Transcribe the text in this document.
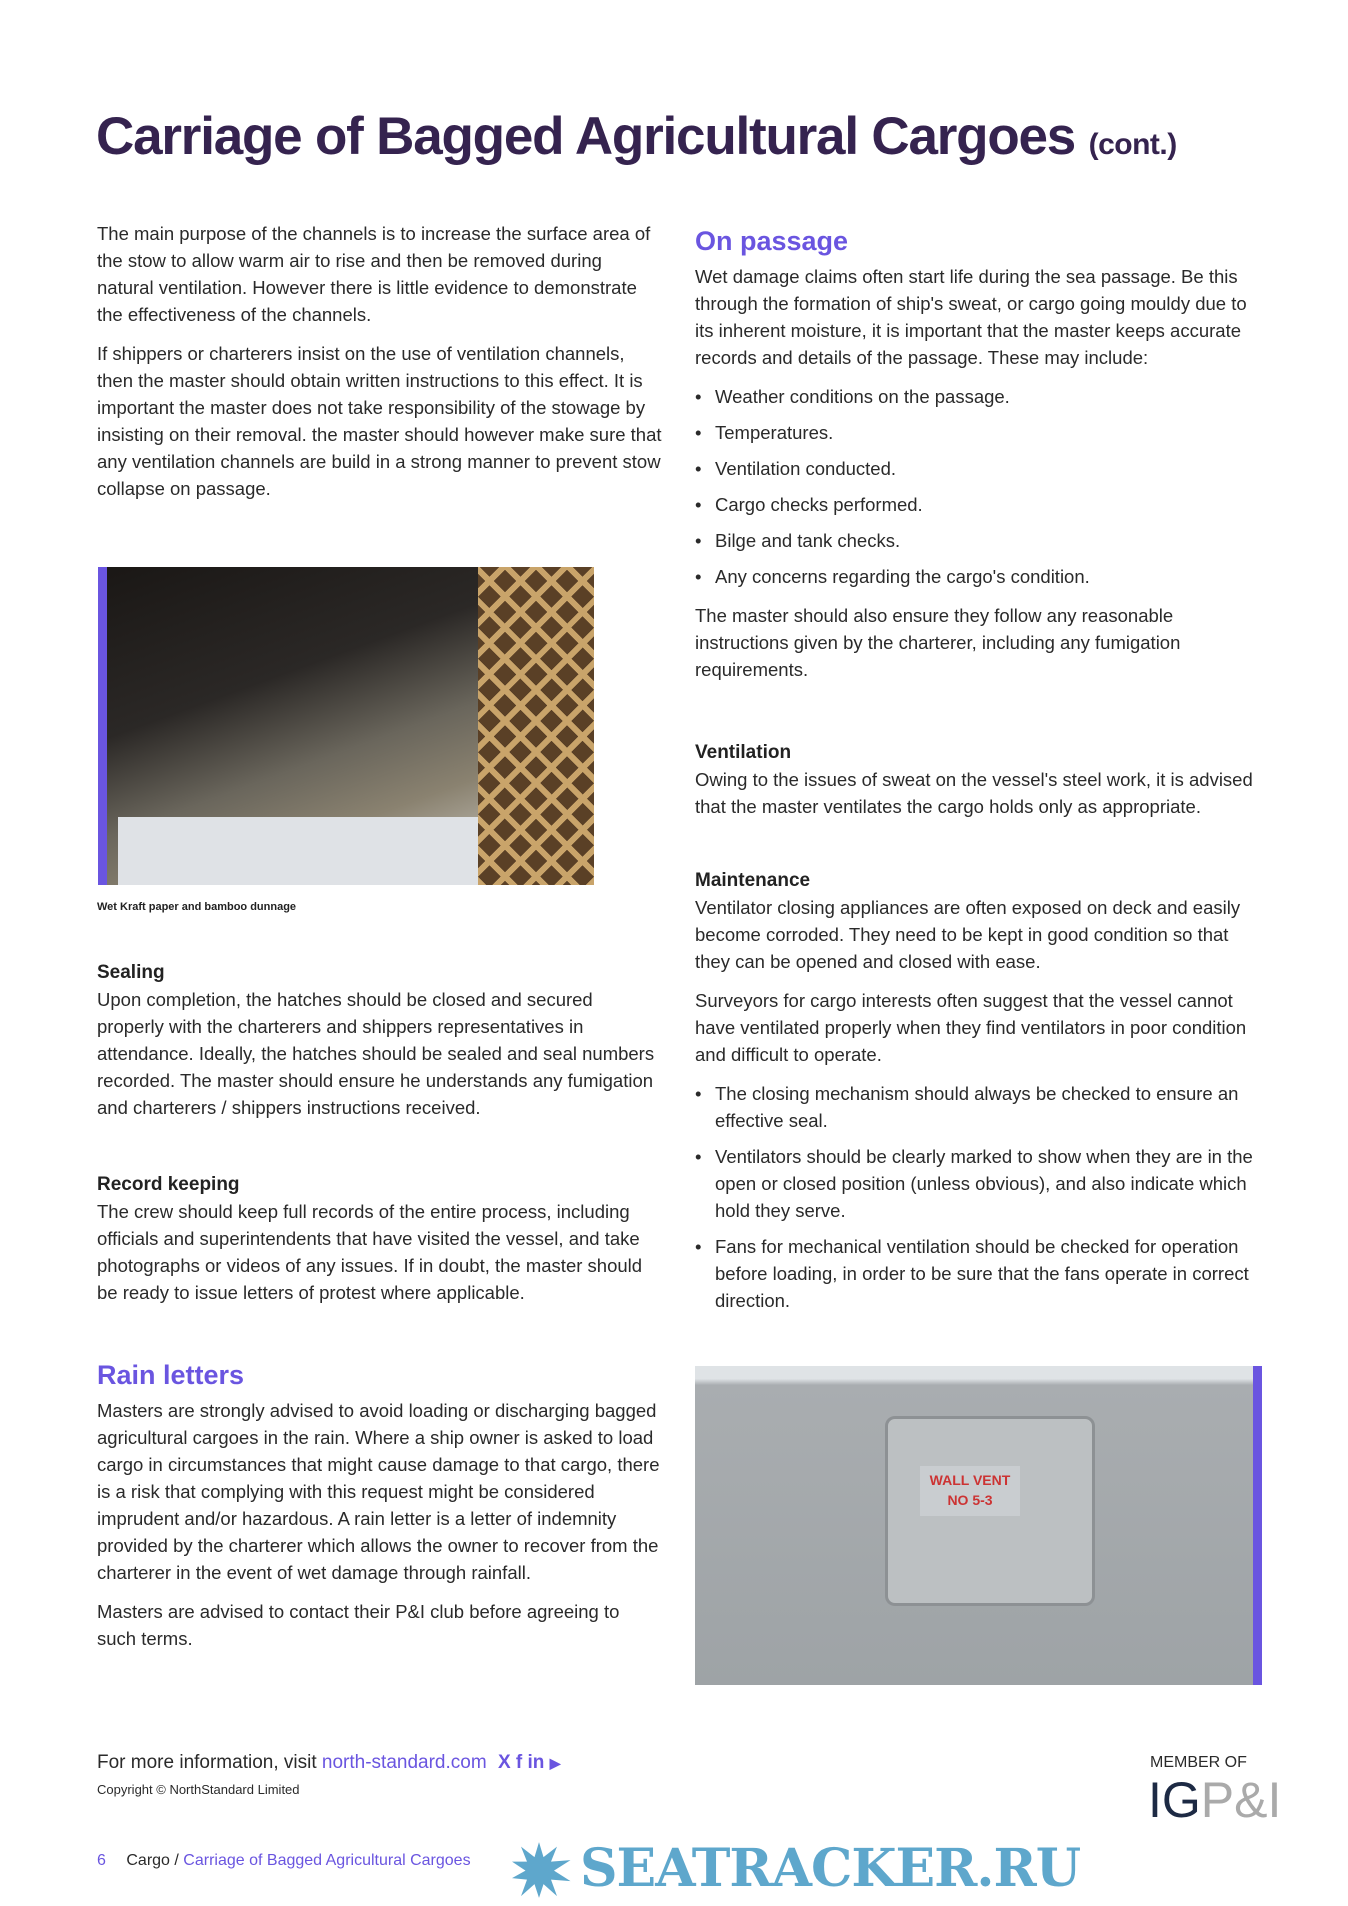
Carriage of Bagged Agricultural Cargoes (cont.)

The main purpose of the channels is to increase the surface area of the stow to allow warm air to rise and then be removed during natural ventilation. However there is little evidence to demonstrate the effectiveness of the channels.

If shippers or charterers insist on the use of ventilation channels, then the master should obtain written instructions to this effect. It is important the master does not take responsibility of the stowage by insisting on their removal. the master should however make sure that any ventilation channels are build in a strong manner to prevent stow collapse on passage.

Wet Kraft paper and bamboo dunnage
Sealing

Upon completion, the hatches should be closed and secured properly with the charterers and shippers representatives in attendance. Ideally, the hatches should be sealed and seal numbers recorded. The master should ensure he understands any fumigation and charterers / shippers instructions received.

Record keeping

The crew should keep full records of the entire process, including officials and superintendents that have visited the vessel, and take photographs or videos of any issues. If in doubt, the master should be ready to issue letters of protest where applicable.

Rain letters

Masters are strongly advised to avoid loading or discharging bagged agricultural cargoes in the rain. Where a ship owner is asked to load cargo in circumstances that might cause damage to that cargo, there is a risk that complying with this request might be considered imprudent and/or hazardous. A rain letter is a letter of indemnity provided by the charterer which allows the owner to recover from the charterer in the event of wet damage through rainfall.

Masters are advised to contact their P&I club before agreeing to such terms.

On passage

Wet damage claims often start life during the sea passage. Be this through the formation of ship's sweat, or cargo going mouldy due to its inherent moisture, it is important that the master keeps accurate records and details of the passage. These may include:

• Weather conditions on the passage.
• Temperatures.
• Ventilation conducted.
• Cargo checks performed.
• Bilge and tank checks.
• Any concerns regarding the cargo's condition.

The master should also ensure they follow any reasonable instructions given by the charterer, including any fumigation requirements.

Ventilation

Owing to the issues of sweat on the vessel's steel work, it is advised that the master ventilates the cargo holds only as appropriate.

Maintenance

Ventilator closing appliances are often exposed on deck and easily become corroded. They need to be kept in good condition so that they can be opened and closed with ease.

Surveyors for cargo interests often suggest that the vessel cannot have ventilated properly when they find ventilators in poor condition and difficult to operate.

• The closing mechanism should always be checked to ensure an effective seal.
• Ventilators should be clearly marked to show when they are in the open or closed position (unless obvious), and also indicate which hold they serve.
• Fans for mechanical ventilation should be checked for operation before loading, in order to be sure that the fans operate in correct direction.
WALL VENT
NO 5-3
For more information, visit north-standard.com X f in ▶
Copyright © NorthStandard Limited
6 Cargo / Carriage of Bagged Agricultural Cargoes
MEMBER OF
IGP&I
SEATRACKER.RU
